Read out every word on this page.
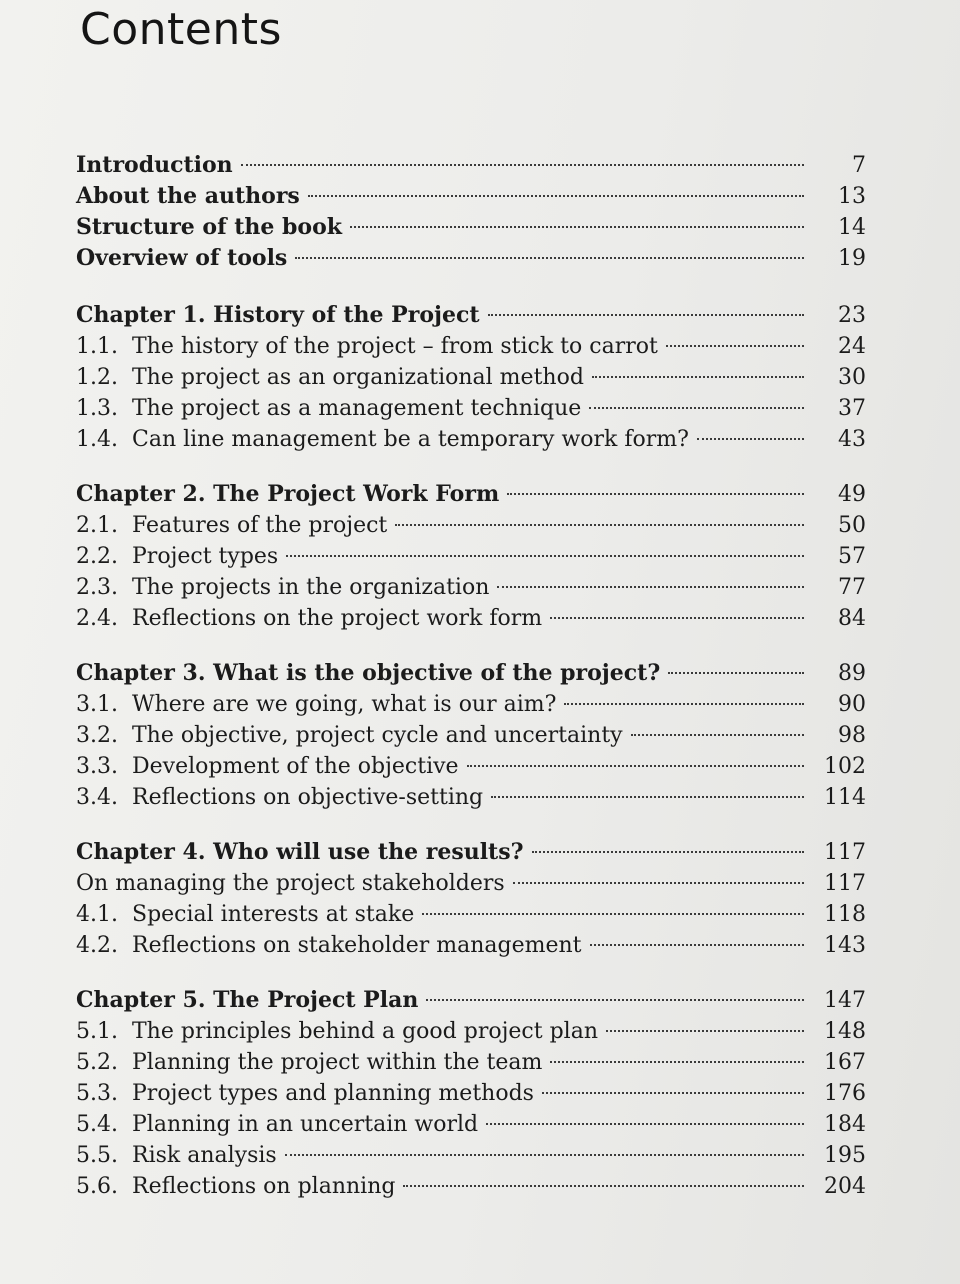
Contents
Introduction	7
About the authors	13
Structure of the book	14
Overview of tools	19
Chapter 1. History of the Project	23
1.1. The history of the project – from stick to carrot	24
1.2. The project as an organizational method	30
1.3. The project as a management technique	37
1.4. Can line management be a temporary work form?	43
Chapter 2. The Project Work Form	49
2.1. Features of the project	50
2.2. Project types	57
2.3. The projects in the organization	77
2.4. Reflections on the project work form	84
Chapter 3. What is the objective of the project?	89
3.1. Where are we going, what is our aim?	90
3.2. The objective, project cycle and uncertainty	98
3.3. Development of the objective	102
3.4. Reflections on objective-setting	114
Chapter 4. Who will use the results?	117
On managing the project stakeholders	117
4.1. Special interests at stake	118
4.2. Reflections on stakeholder management	143
Chapter 5. The Project Plan	147
5.1. The principles behind a good project plan	148
5.2. Planning the project within the team	167
5.3. Project types and planning methods	176
5.4. Planning in an uncertain world	184
5.5. Risk analysis	195
5.6. Reflections on planning	204
